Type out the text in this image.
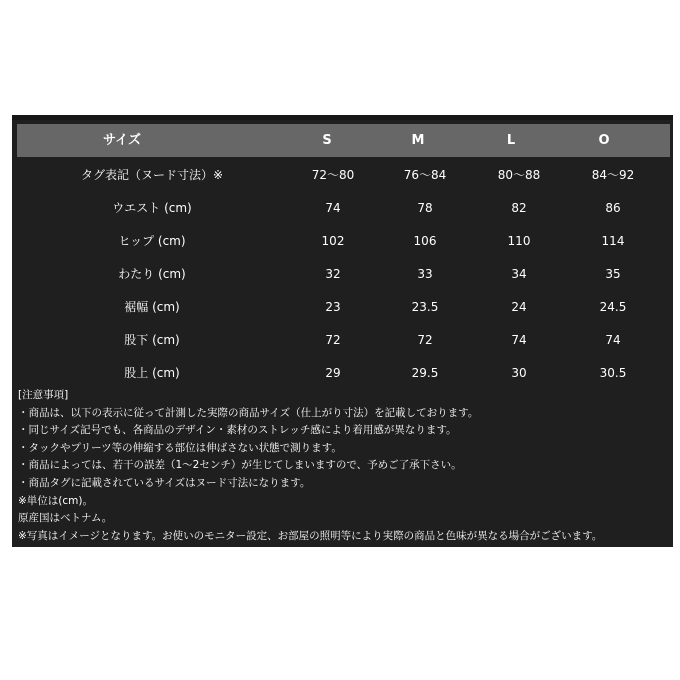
サイズ	S	M	L	O
タグ表記（ヌード寸法）※	72〜80	76〜84	80〜88	84〜92
ウエスト (cm)	74	78	82	86
ヒップ (cm)	102	106	110	114
わたり (cm)	32	33	34	35
裾幅 (cm)	23	23.5	24	24.5
股下 (cm)	72	72	74	74
股上 (cm)	29	29.5	30	30.5
[注意事項]
・商品は、以下の表示に従って計測した実際の商品サイズ（仕上がり寸法）を記載しております。
・同じサイズ記号でも、各商品のデザイン・素材のストレッチ感により着用感が異なります。
・タックやプリーツ等の伸縮する部位は伸ばさない状態で測ります。
・商品によっては、若干の誤差（1〜2センチ）が生じてしまいますので、予めご了承下さい。
・商品タグに記載されているサイズはヌード寸法になります。
※単位は(cm)。
原産国はベトナム。
※写真はイメージとなります。お使いのモニター設定、お部屋の照明等により実際の商品と色味が異なる場合がございます。
